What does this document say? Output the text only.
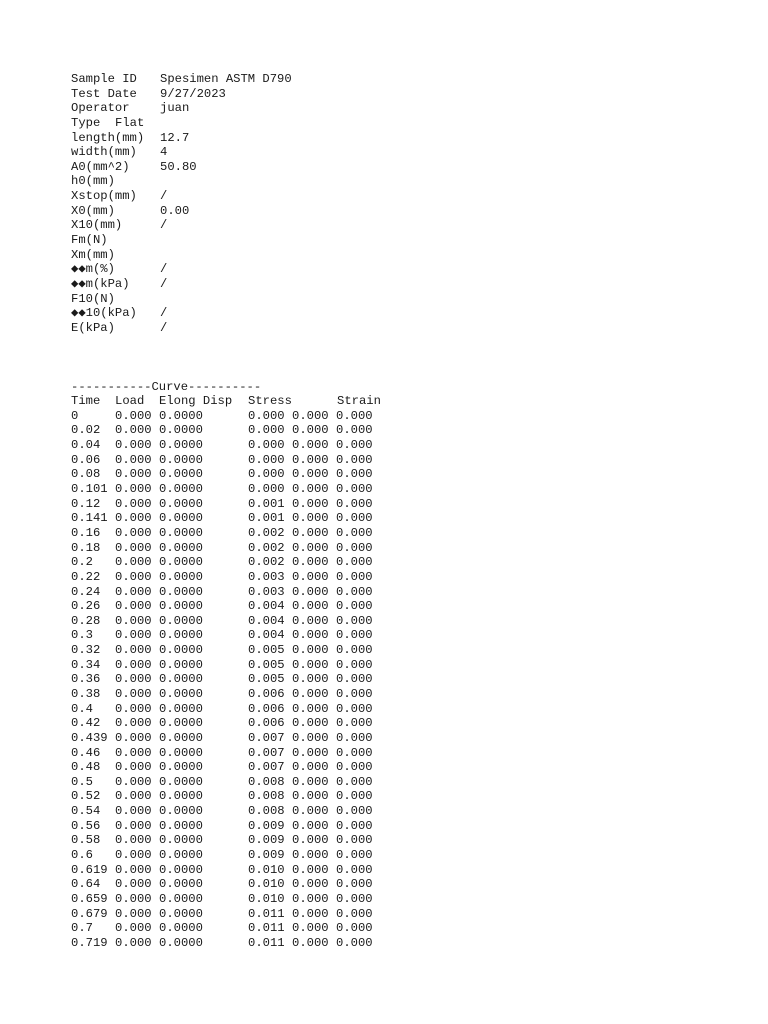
Sample ID	Spesimen ASTM D790
Test Date	9/27/2023
Operator	juan
Type	Flat
length(mm)	12.7
width(mm)	4
A0(mm^2)	50.80
h0(mm)
Xstop(mm)	/
X0(mm)	0.00
X10(mm)	/
Fm(N)
Xm(mm)
◆◆m(%)	/
◆◆m(kPa)	/
F10(N)
◆◆10(kPa)	/
E(kPa)	/
-----------Curve----------
Time	Load	Elong Disp	Stress	Strain
0	0.000 0.0000	0.000 0.000 0.000
0.02	0.000 0.0000	0.000 0.000 0.000
0.04	0.000 0.0000	0.000 0.000 0.000
0.06	0.000 0.0000	0.000 0.000 0.000
0.08	0.000 0.0000	0.000 0.000 0.000
0.101 0.000 0.0000	0.000 0.000 0.000
0.12	0.000 0.0000	0.001 0.000 0.000
0.141 0.000 0.0000	0.001 0.000 0.000
0.16	0.000 0.0000	0.002 0.000 0.000
0.18	0.000 0.0000	0.002 0.000 0.000
0.2	0.000 0.0000	0.002 0.000 0.000
0.22	0.000 0.0000	0.003 0.000 0.000
0.24	0.000 0.0000	0.003 0.000 0.000
0.26	0.000 0.0000	0.004 0.000 0.000
0.28	0.000 0.0000	0.004 0.000 0.000
0.3	0.000 0.0000	0.004 0.000 0.000
0.32	0.000 0.0000	0.005 0.000 0.000
0.34	0.000 0.0000	0.005 0.000 0.000
0.36	0.000 0.0000	0.005 0.000 0.000
0.38	0.000 0.0000	0.006 0.000 0.000
0.4	0.000 0.0000	0.006 0.000 0.000
0.42	0.000 0.0000	0.006 0.000 0.000
0.439 0.000 0.0000	0.007 0.000 0.000
0.46	0.000 0.0000	0.007 0.000 0.000
0.48	0.000 0.0000	0.007 0.000 0.000
0.5	0.000 0.0000	0.008 0.000 0.000
0.52	0.000 0.0000	0.008 0.000 0.000
0.54	0.000 0.0000	0.008 0.000 0.000
0.56	0.000 0.0000	0.009 0.000 0.000
0.58	0.000 0.0000	0.009 0.000 0.000
0.6	0.000 0.0000	0.009 0.000 0.000
0.619 0.000 0.0000	0.010 0.000 0.000
0.64	0.000 0.0000	0.010 0.000 0.000
0.659 0.000 0.0000	0.010 0.000 0.000
0.679 0.000 0.0000	0.011 0.000 0.000
0.7	0.000 0.0000	0.011 0.000 0.000
0.719 0.000 0.0000	0.011 0.000 0.000
